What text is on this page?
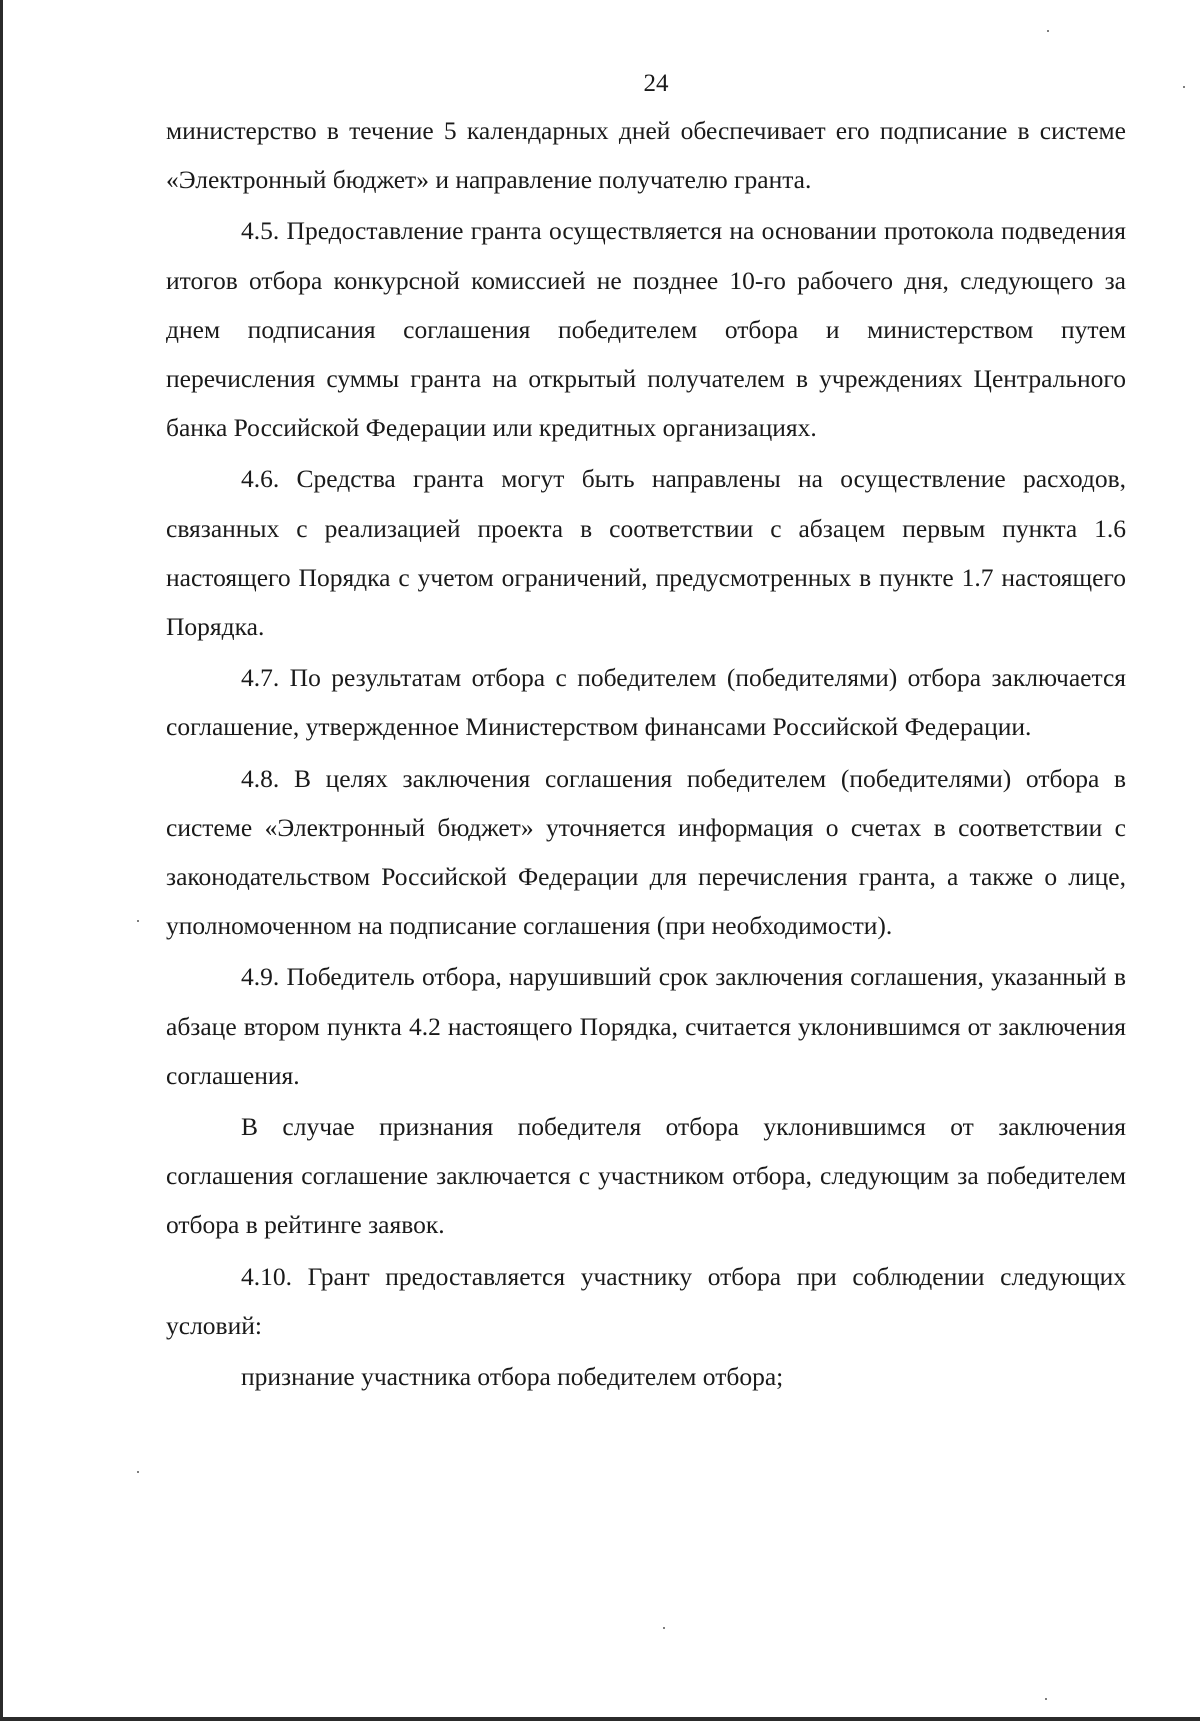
24

министерство в течение 5 календарных дней обеспечивает его подписание в системе «Электронный бюджет» и направление получателю гранта.

4.5. Предоставление гранта осуществляется на основании протокола подведения итогов отбора конкурсной комиссией не позднее 10-го рабочего дня, следующего за днем подписания соглашения победителем отбора и министерством путем перечисления суммы гранта на открытый получателем в учреждениях Центрального банка Российской Федерации или кредитных организациях.

4.6. Средства гранта могут быть направлены на осуществление расходов, связанных с реализацией проекта в соответствии с абзацем первым пункта 1.6 настоящего Порядка с учетом ограничений, предусмотренных в пункте 1.7 настоящего Порядка.

4.7. По результатам отбора с победителем (победителями) отбора заключается соглашение, утвержденное Министерством финансами Российской Федерации.

4.8. В целях заключения соглашения победителем (победителями) отбора в системе «Электронный бюджет» уточняется информация о счетах в соответствии с законодательством Российской Федерации для перечисления гранта, а также о лице, уполномоченном на подписание соглашения (при необходимости).

4.9. Победитель отбора, нарушивший срок заключения соглашения, указанный в абзаце втором пункта 4.2 настоящего Порядка, считается уклонившимся от заключения соглашения.

В случае признания победителя отбора уклонившимся от заключения соглашения соглашение заключается с участником отбора, следующим за победителем отбора в рейтинге заявок.

4.10. Грант предоставляется участнику отбора при соблюдении следующих условий:

признание участника отбора победителем отбора;
